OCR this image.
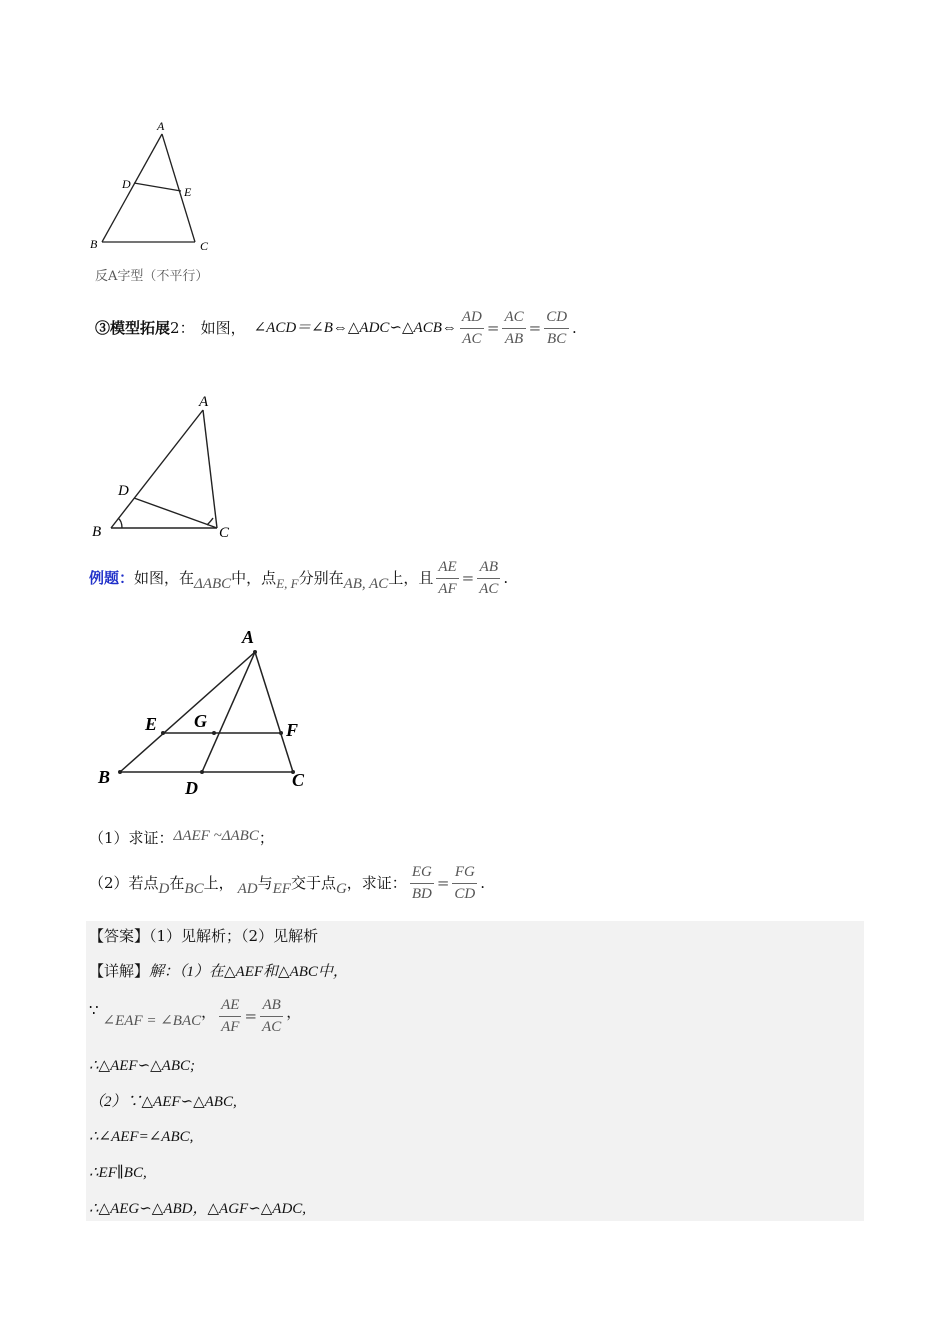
A
D
E
B	C
反A字型（不平行）
③模型拓展 2 ： 如图， ∠ACD＝∠B⇔△ADC∽△ACB⇔ $\frac{AD}{AC} = \frac{AC}{AB} = \frac{CD}{BC}$ .
A
D
B	C
例题： 如图，在 ΔABC 中，点 E, F 分别在 AB, AC 上，且 $\frac{AE}{AF} = \frac{AB}{AC}$ .
A
E G	F
B
D	C
（1）求证： ΔAEF ~ΔABC ；
（2）若点 D 在 BC 上， AD 与 EF 交于点 G ，求证： $\frac{EG}{BD} = \frac{FG}{CD}$ .
【答案】（1）见解析；（2）见解析
【详解】解：（1）在△AEF和△ABC中，
∵
∠EAF = ∠BAC ， $\frac{AE}{AF} = \frac{AB}{AC}$ ，
∴△AEF∽△ABC;
（2）∵△AEF∽△ABC,
∴∠AEF=∠ABC,
∴EF∥BC,
∴△AEG∽△ABD，△AGF∽△ADC,
